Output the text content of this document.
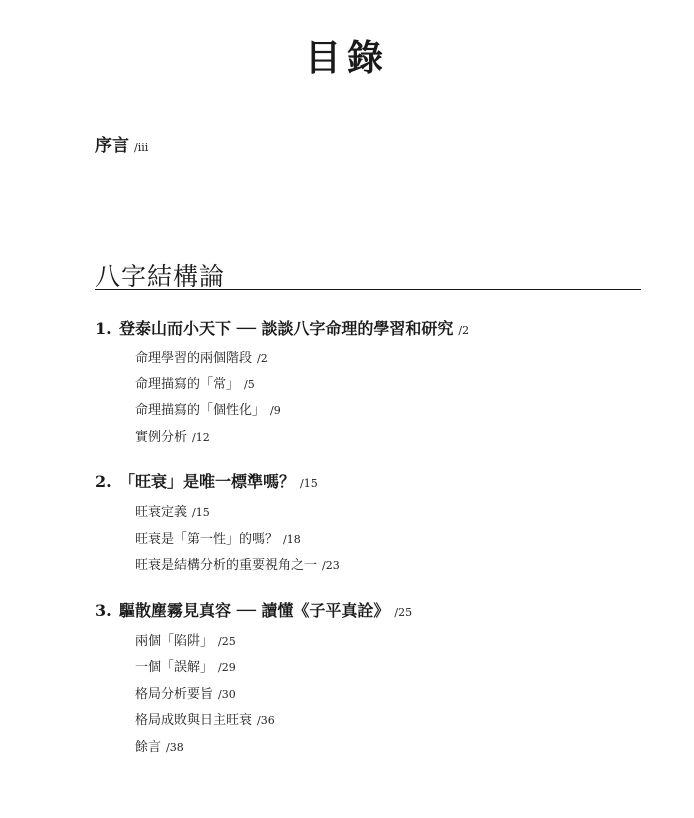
目錄
序言 /iii
八字結構論
1. 登泰山而小天下 ── 談談八字命理的學習和研究 /2
命理學習的兩個階段 /2
命理描寫的「常」 /5
命理描寫的「個性化」 /9
實例分析 /12
2. 「旺衰」是唯一標準嗎？ /15
旺衰定義 /15
旺衰是「第一性」的嗎？ /18
旺衰是結構分析的重要視角之一 /23
3. 驅散塵霧見真容 ── 讀懂《子平真詮》 /25
兩個「陷阱」 /25
一個「誤解」 /29
格局分析要旨 /30
格局成敗與日主旺衰 /36
餘言 /38
